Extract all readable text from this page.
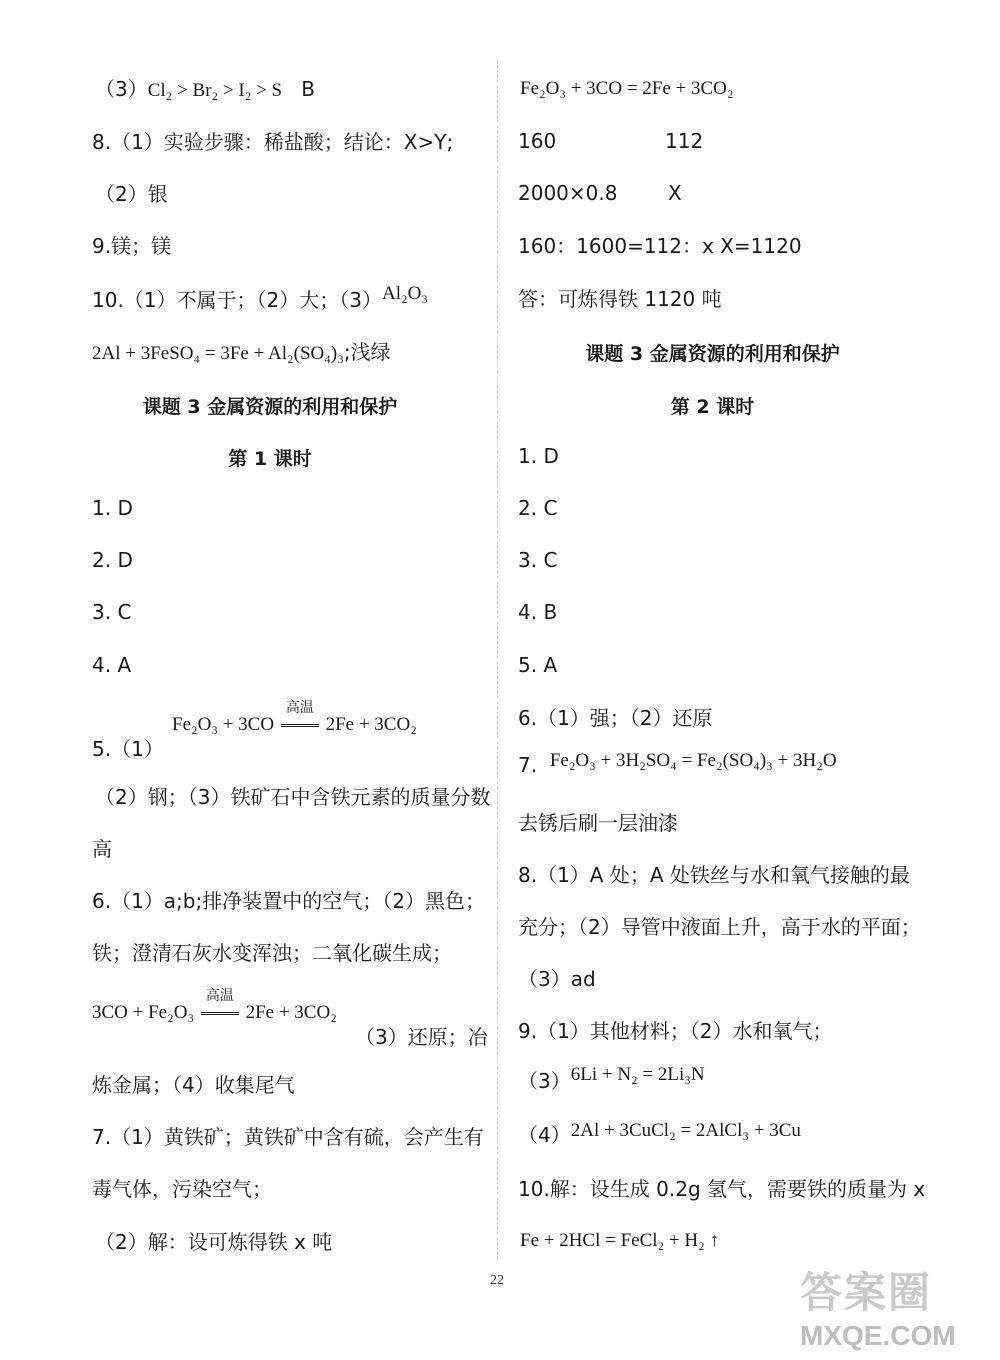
（3）Cl₂ > Br₂ > I₂ > S B
8.（1）实验步骤：稀盐酸；结论：X>Y;
（2）银
9.镁；镁
10.（1）不属于；（2）大；（3）Al₂O₃
2Al + 3FeSO₄ = 3Fe + Al₂(SO₄)₃;浅绿
课题 3 金属资源的利用和保护
第 1 课时
1. D
2. D
3. C
4. A
Fe₂O₃ + 3CO
高温
2Fe + 3CO₂
5.（1）
（2）钢；（3）铁矿石中含铁元素的质量分数
高
6.（1）a;b;排净装置中的空气；（2）黑色；
铁；澄清石灰水变浑浊；二氧化碳生成；
3CO + Fe₂O₃
高温
2Fe + 3CO₂
（3）还原；冶
炼金属；（4）收集尾气
7.（1）黄铁矿；黄铁矿中含有硫，会产生有
毒气体，污染空气；
（2）解：设可炼得铁 x 吨
Fe₂O₃ + 3CO = 2Fe + 3CO₂
160	112
2000×0.8	X
160：1600=112：x X=1120
答：可炼得铁 1120 吨
课题 3 金属资源的利用和保护
第 2 课时
1. D
2. C
3. C
4. B
5. A
6.（1）强；（2）还原
7. Fe₂O₃ + 3H₂SO₄ = Fe₂(SO₄)₃ + 3H₂O
去锈后刷一层油漆
8.（1）A 处；A 处铁丝与水和氧气接触的最
充分；（2）导管中液面上升，高于水的平面；
（3）ad
9.（1）其他材料；（2）水和氧气；
（3）6Li + N₂ = 2Li₃N
（4）2Al + 3CuCl₂ = 2AlCl₃ + 3Cu
10.解：设生成 0.2g 氢气，需要铁的质量为 x
Fe + 2HCl = FeCl₂ + H₂ ↑
22	答案圈
MXQE.COM
